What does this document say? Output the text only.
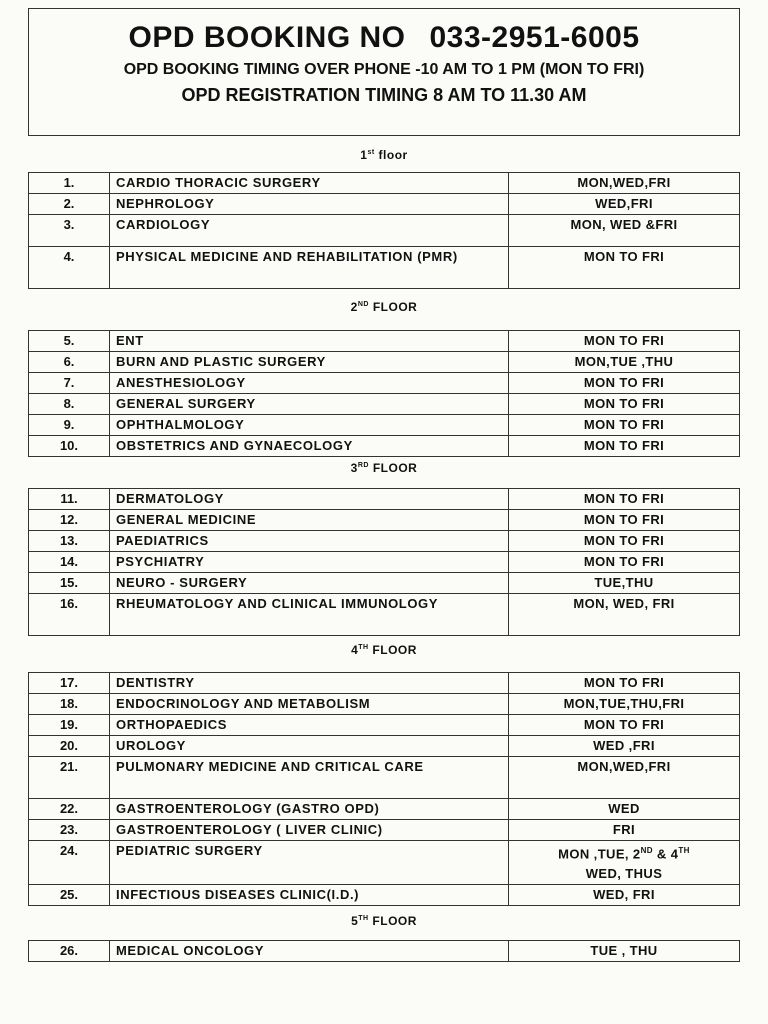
OPD BOOKING NO 033-2951-6005
OPD BOOKING TIMING OVER PHONE -10 AM TO 1 PM (MON TO FRI)
OPD REGISTRATION TIMING 8 AM TO 11.30 AM
1st floor
1.	CARDIO THORACIC SURGERY	MON,WED,FRI
2.	NEPHROLOGY	WED,FRI
3.	CARDIOLOGY	MON, WED &FRI
4.	PHYSICAL MEDICINE AND REHABILITATION (PMR)	MON TO FRI
2ND FLOOR
5.	ENT	MON TO FRI
6.	BURN AND PLASTIC SURGERY	MON,TUE ,THU
7.	ANESTHESIOLOGY	MON TO FRI
8.	GENERAL SURGERY	MON TO FRI
9.	OPHTHALMOLOGY	MON TO FRI
10.	OBSTETRICS AND GYNAECOLOGY	MON TO FRI
3RD FLOOR
11.	DERMATOLOGY	MON TO FRI
12.	GENERAL MEDICINE	MON TO FRI
13.	PAEDIATRICS	MON TO FRI
14.	PSYCHIATRY	MON TO FRI
15.	NEURO - SURGERY	TUE,THU
16.	RHEUMATOLOGY AND CLINICAL IMMUNOLOGY	MON, WED, FRI
4TH FLOOR
17.	DENTISTRY	MON TO FRI
18.	ENDOCRINOLOGY AND METABOLISM	MON,TUE,THU,FRI
19.	ORTHOPAEDICS	MON TO FRI
20.	UROLOGY	WED ,FRI
21.	PULMONARY MEDICINE AND CRITICAL CARE	MON,WED,FRI
22.	GASTROENTEROLOGY (GASTRO OPD)	WED
23.	GASTROENTEROLOGY ( LIVER CLINIC)	FRI
24.	PEDIATRIC SURGERY	MON ,TUE, 2ND & 4TH
WED, THUS
25.	INFECTIOUS DISEASES CLINIC(I.D.)	WED, FRI
5TH FLOOR
26.	MEDICAL ONCOLOGY	TUE , THU
